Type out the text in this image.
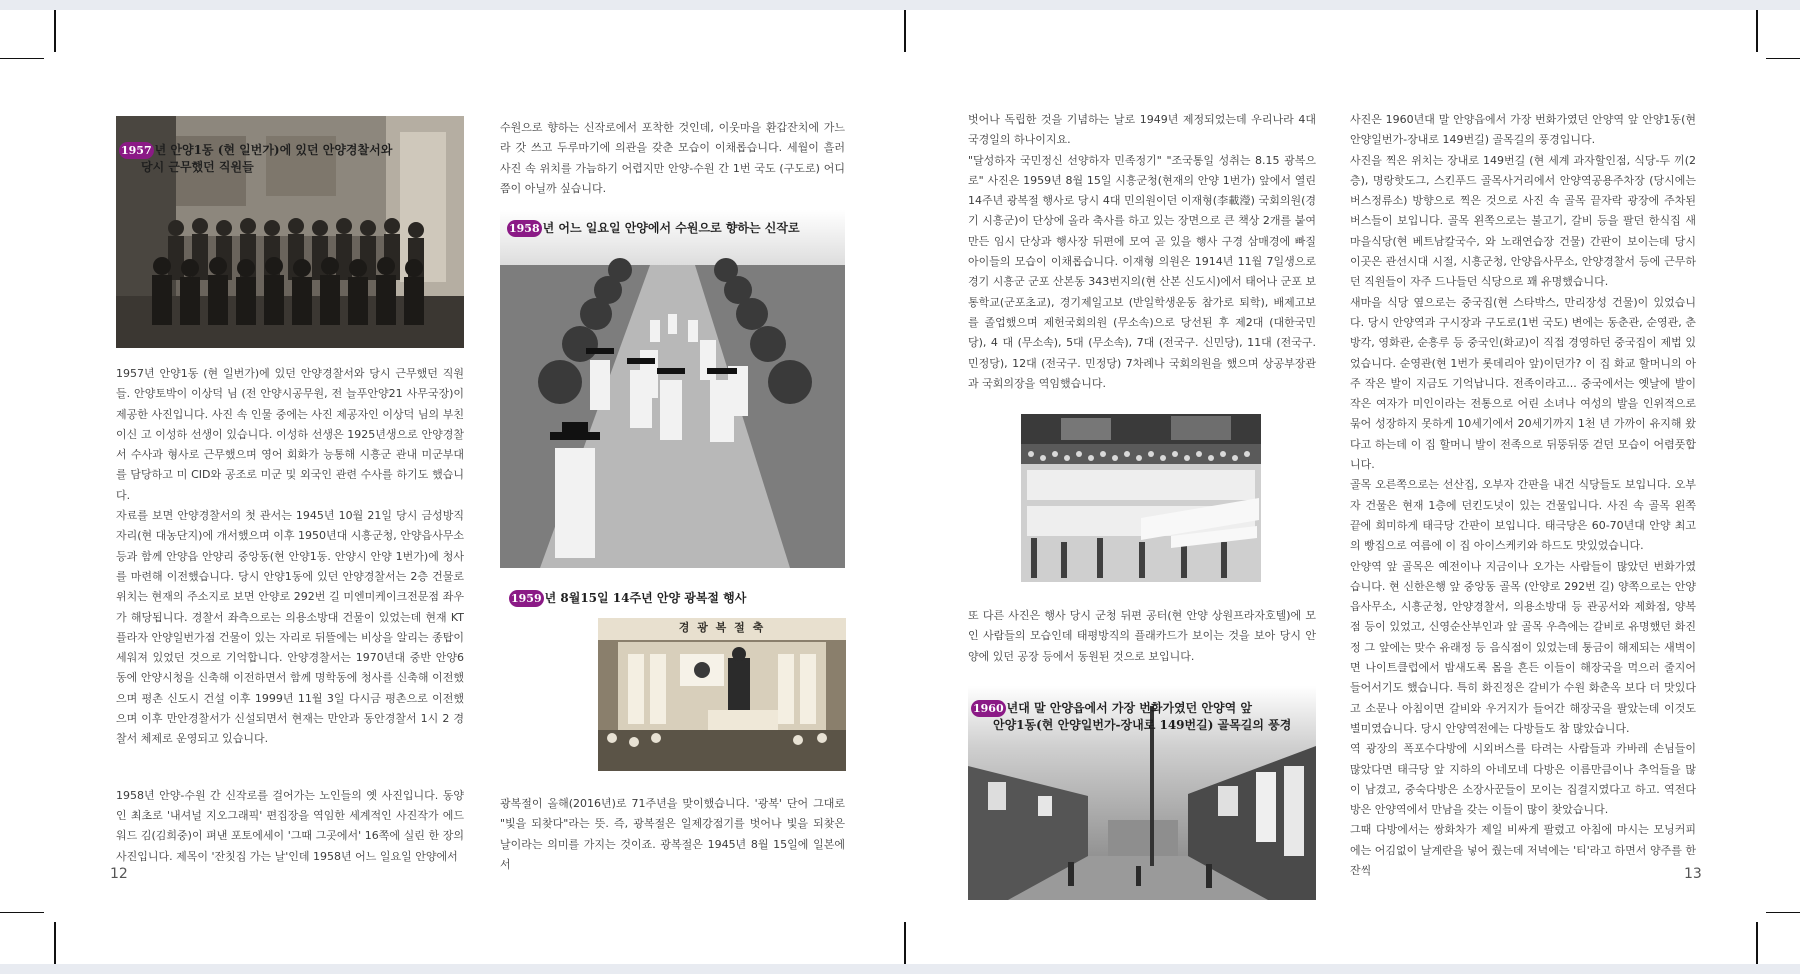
1957 년 안양1동 (현 일번가)에 있던 안양경찰서와
당시 근무했던 직원들

1957년 안양1동 (현 일번가)에 있던 안양경찰서와 당시 근무했던 직원들. 안양토박이 이상덕 님 (전 안양시공무원, 전 늘푸안양21 사무국장)이 제공한 사진입니다. 사진 속 인물 중에는 사진 제공자인 이상덕 님의 부친이신 고 이성하 선생이 있습니다. 이성하 선생은 1925년생으로 안양경찰서 수사과 형사로 근무했으며 영어 회화가 능통해 시흥군 관내 미군부대를 담당하고 미 CID와 공조로 미군 및 외국인 관련 수사를 하기도 했습니다.

자료를 보면 안양경찰서의 첫 관서는 1945년 10월 21일 당시 금성방직 자리(현 대농단지)에 개서했으며 이후 1950년대 시흥군청, 안양읍사무소 등과 함께 안양읍 안양리 중앙동(현 안양1동. 안양시 안양 1번가)에 청사를 마련해 이전했습니다. 당시 안양1동에 있던 안양경찰서는 2층 건물로 위치는 현재의 주소지로 보면 안양로 292번 길 미엔미케이크전문점 좌우가 해당됩니다. 경찰서 좌측으로는 의용소방대 건물이 있었는데 현재 KT 플라자 안양일번가점 건물이 있는 자리로 뒤뜰에는 비상을 알리는 종탑이 세워져 있었던 것으로 기억합니다. 안양경찰서는 1970년대 중반 안양6동에 안양시청을 신축해 이전하면서 함께 명학동에 청사를 신축해 이전했으며 평촌 신도시 건설 이후 1999년 11월 3일 다시금 평촌으로 이전했으며 이후 만안경찰서가 신설되면서 현재는 만안과 동안경찰서 1시 2 경찰서 체제로 운영되고 있습니다.

1958년 안양-수원 간 신작로를 걸어가는 노인들의 옛 사진입니다. 동양인 최초로 '내셔널 지오그래픽' 편집장을 역임한 세계적인 사진작가 에드워드 김(김희중)이 펴낸 포토에세이 '그때 그곳에서' 16쪽에 실린 한 장의 사진입니다. 제목이 '잔칫집 가는 날'인데 1958년 어느 일요일 안양에서

수원으로 향하는 신작로에서 포착한 것인데, 이웃마을 환갑잔치에 가느라 갓 쓰고 두루마기에 의관을 갖춘 모습이 이채롭습니다. 세월이 흘러 사진 속 위치를 가늠하기 어렵지만 안양-수원 간 1번 국도 (구도로) 어디쯤이 아닐까 싶습니다.

1958 년 어느 일요일 안양에서 수원으로 향하는 신작로
1959 년 8월15일 14주년 안양 광복절 행사
경 광 복 절 축

광복절이 올해(2016년)로 71주년을 맞이했습니다. '광복' 단어 그대로 "빛을 되찾다"라는 뜻. 즉, 광복절은 일제강점기를 벗어나 빛을 되찾은 날이라는 의미를 가지는 것이죠. 광복절은 1945년 8월 15일에 일본에서

12

벗어나 독립한 것을 기념하는 날로 1949년 제정되었는데 우리나라 4대 국경일의 하나이지요.

"달성하자 국민정신 선양하자 민족정기" "조국통일 성취는 8.15 광복으로" 사진은 1959년 8월 15일 시흥군청(현재의 안양 1번가) 앞에서 열린 14주년 광복절 행사로 당시 4대 민의원이던 이재형(李載瀅) 국회의원(경기 시흥군)이 단상에 올라 축사를 하고 있는 장면으로 큰 책상 2개를 붙여 만든 임시 단상과 행사장 뒤편에 모여 곧 있을 행사 구경 삼매경에 빠질 아이들의 모습이 이채롭습니다. 이재형 의원은 1914년 11월 7일생으로 경기 시흥군 군포 산본동 343번지의(현 산본 신도시)에서 태어나 군포 보통학교(군포초교), 경기제일고보 (반일학생운동 참가로 퇴학), 배제고보를 졸업했으며 제헌국회의원 (무소속)으로 당선된 후 제2대 (대한국민당), 4 대 (무소속), 5대 (무소속), 7대 (전국구. 신민당), 11대 (전국구. 민정당), 12대 (전국구. 민정당) 7차례나 국회의원을 했으며 상공부장관과 국회의장을 역임했습니다.

또 다른 사진은 행사 당시 군청 뒤편 공터(현 안양 상원프라자호텔)에 모인 사람들의 모습인데 태평방직의 플래카드가 보이는 것을 보아 당시 안양에 있던 공장 등에서 동원된 것으로 보입니다.

1960 년대 말 안양읍에서 가장 번화가였던 안양역 앞
안양1동(현 안양일번가-장내로 149번길) 골목길의 풍경

사진은 1960년대 말 안양읍에서 가장 번화가였던 안양역 앞 안양1동(현 안양일번가-장내로 149번길) 골목길의 풍경입니다.

사진을 찍은 위치는 장내로 149번길 (현 세계 과자할인점, 식당-두 끼(2층), 명랑핫도그, 스킨푸드 골목사거리에서 안양역공용주차장 (당시에는 버스정류소) 방향으로 찍은 것으로 사진 속 골목 끝자락 광장에 주차된 버스들이 보입니다. 골목 왼쪽으로는 불고기, 갈비 등을 팔던 한식집 새마을식당(현 베트남칼국수, 와 노래연습장 건물) 간판이 보이는데 당시 이곳은 관선시대 시절, 시흥군청, 안양읍사무소, 안양경찰서 등에 근무하던 직원들이 자주 드나들던 식당으로 꽤 유명했습니다.

새마을 식당 옆으로는 중국집(현 스타박스, 만리장성 건물)이 있었습니다. 당시 안양역과 구시장과 구도로(1번 국도) 변에는 동춘관, 순영관, 춘방각, 영화관, 순흥루 등 중국인(화교)이 직접 경영하던 중국집이 제법 있었습니다. 순영관(현 1번가 롯데리아 앞)이던가? 이 집 화교 할머니의 아주 작은 발이 지금도 기억납니다. 전족이라고... 중국에서는 옛날에 발이 작은 여자가 미인이라는 전통으로 어린 소녀나 여성의 발을 인위적으로 묶어 성장하지 못하게 10세기에서 20세기까지 1천 년 가까이 유지해 왔다고 하는데 이 집 할머니 발이 전족으로 뒤뚱뒤뚱 걷던 모습이 어렴풋합니다.

골목 오른쪽으로는 선산집, 오부자 간판을 내건 식당들도 보입니다. 오부자 건물은 현재 1층에 던킨도넛이 있는 건물입니다. 사진 속 골목 왼쪽 끝에 희미하게 태극당 간판이 보입니다. 태극당은 60-70년대 안양 최고의 빵집으로 여름에 이 집 아이스케키와 하드도 맛있었습니다.

안양역 앞 골목은 예전이나 지금이나 오가는 사람들이 많았던 번화가였습니다. 현 신한은행 앞 중앙동 골목 (안양로 292번 길) 양쪽으로는 안양읍사무소, 시흥군청, 안양경찰서, 의용소방대 등 관공서와 제화점, 양복점 등이 있었고, 신영순산부인과 앞 골목 우측에는 갈비로 유명했던 화진정 그 앞에는 맞수 유래정 등 음식점이 있었는데 퉁금이 해제되는 새벽이면 나이트클럽에서 밤새도록 몸을 흔든 이들이 해장국을 먹으러 줄지어 들어서기도 했습니다. 특히 화진정은 갈비가 수원 화춘옥 보다 더 맛있다고 소문나 아침이면 갈비와 우거지가 들어간 해장국을 팔았는데 이것도 별미였습니다. 당시 안양역전에는 다방들도 참 많았습니다.

역 광장의 폭포수다방에 시외버스를 타려는 사람들과 카바레 손님들이 많았다면 태극당 앞 지하의 아네모네 다방은 이름만큼이나 추억들을 많이 남겼고, 중숙다방은 소장사꾼들이 모이는 집결지였다고 하고. 역전다방은 안양역에서 만남을 갖는 이들이 많이 찾았습니다.

그때 다방에서는 쌍화차가 제일 비싸게 팔렸고 아침에 마시는 모닝커피에는 어김없이 날계란을 넣어 줬는데 저녁에는 '티'라고 하면서 양주를 한 잔씩	13
